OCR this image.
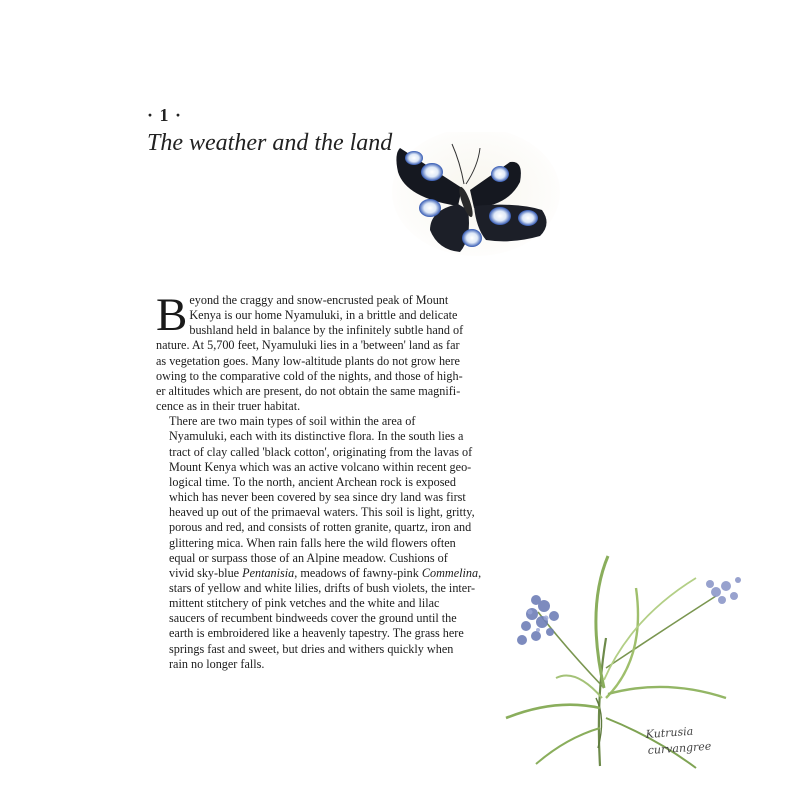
· 1 ·
The weather and the land

B eyond the craggy and snow-encrusted peak of Mount
Kenya is our home Nyamuluki, in a brittle and delicate
bushland held in balance by the infinitely subtle hand of
nature. At 5,700 feet, Nyamuluki lies in a 'between' land as far
as vegetation goes. Many low-altitude plants do not grow here
owing to the comparative cold of the nights, and those of high-
er altitudes which are present, do not obtain the same magnifi-
cence as in their truer habitat.

There are two main types of soil within the area of
Nyamuluki, each with its distinctive flora. In the south lies a
tract of clay called 'black cotton', originating from the lavas of
Mount Kenya which was an active volcano within recent geo-
logical time. To the north, ancient Archean rock is exposed
which has never been covered by sea since dry land was first
heaved up out of the primaeval waters. This soil is light, gritty,
porous and red, and consists of rotten granite, quartz, iron and
glittering mica. When rain falls here the wild flowers often
equal or surpass those of an Alpine meadow. Cushions of
vivid sky-blue Pentanisia, meadows of fawny-pink Commelina,
stars of yellow and white lilies, drifts of bush violets, the inter-
mittent stitchery of pink vetches and the white and lilac
saucers of recumbent bindweeds cover the ground until the
earth is embroidered like a heavenly tapestry. The grass here
springs fast and sweet, but dries and withers quickly when
rain no longer falls.

Kutrusia
curvangree
